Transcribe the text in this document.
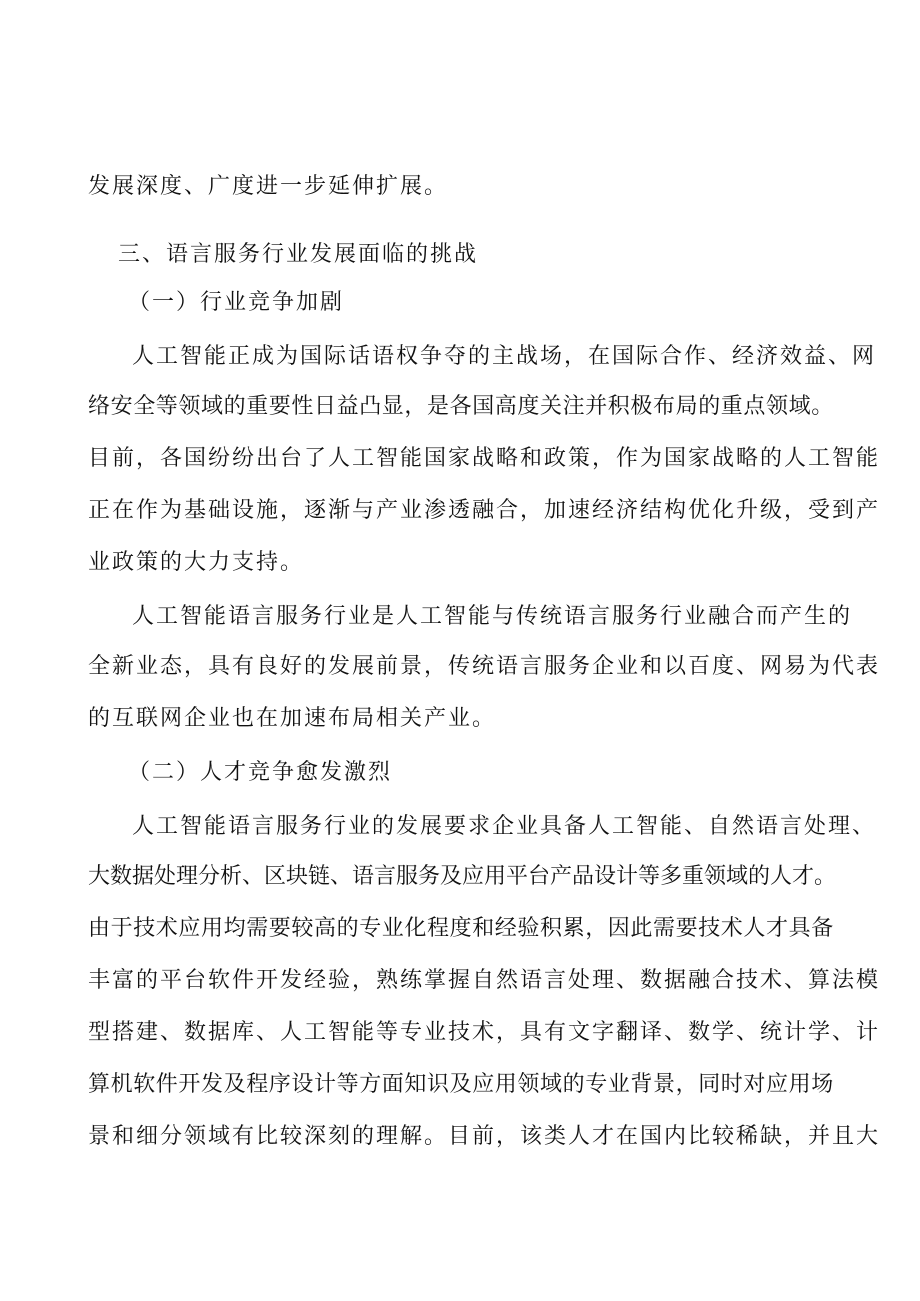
发展深度、广度进一步延伸扩展。
三、语言服务行业发展面临的挑战
（一）行业竞争加剧
人工智能正成为国际话语权争夺的主战场，在国际合作、经济效益、网
络安全等领域的重要性日益凸显，是各国高度关注并积极布局的重点领域。
目前，各国纷纷出台了人工智能国家战略和政策，作为国家战略的人工智能
正在作为基础设施，逐渐与产业渗透融合，加速经济结构优化升级，受到产
业政策的大力支持。
人工智能语言服务行业是人工智能与传统语言服务行业融合而产生的
全新业态，具有良好的发展前景，传统语言服务企业和以百度、网易为代表
的互联网企业也在加速布局相关产业。
（二）人才竞争愈发激烈
人工智能语言服务行业的发展要求企业具备人工智能、自然语言处理、
大数据处理分析、区块链、语言服务及应用平台产品设计等多重领域的人才。
由于技术应用均需要较高的专业化程度和经验积累，因此需要技术人才具备
丰富的平台软件开发经验，熟练掌握自然语言处理、数据融合技术、算法模
型搭建、数据库、人工智能等专业技术，具有文字翻译、数学、统计学、计
算机软件开发及程序设计等方面知识及应用领域的专业背景，同时对应用场
景和细分领域有比较深刻的理解。目前，该类人才在国内比较稀缺，并且大
